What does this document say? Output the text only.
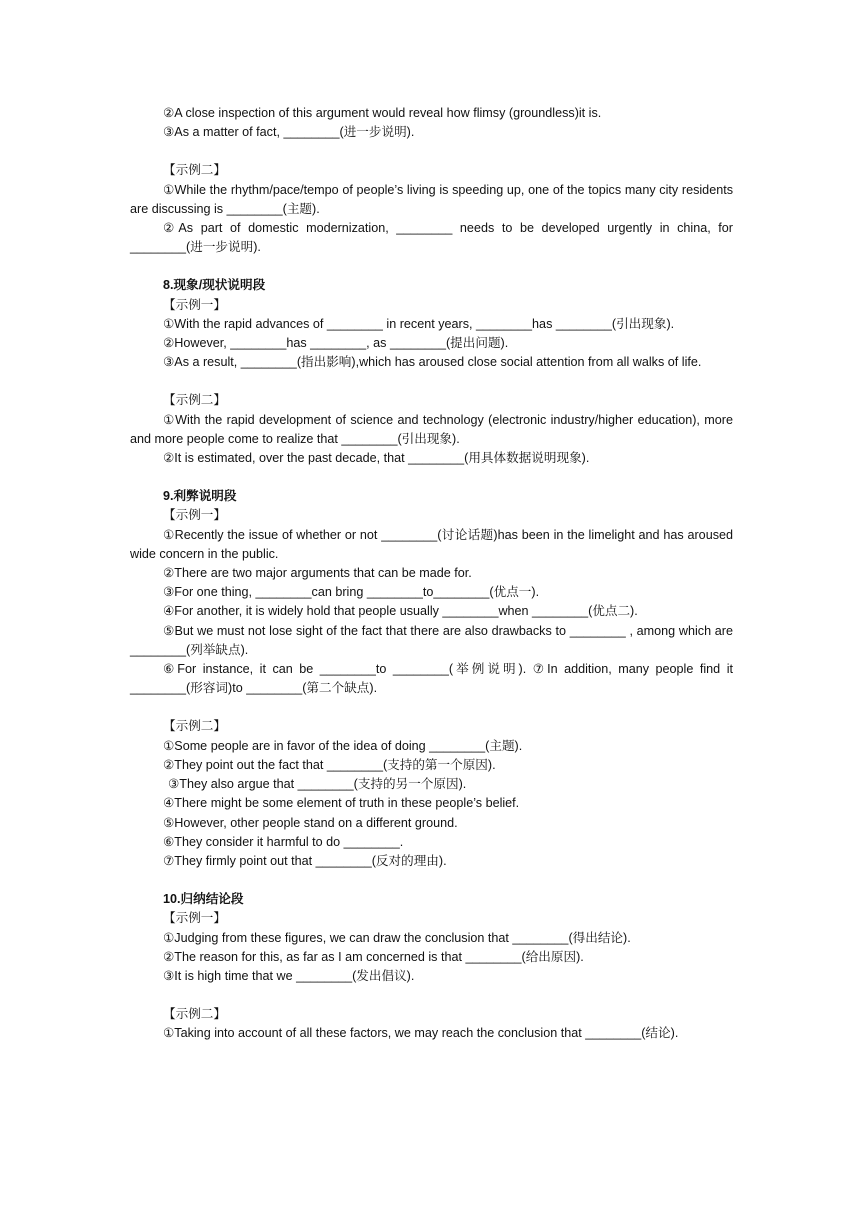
②A close inspection of this argument would reveal how flimsy (groundless)it is.

③As a matter of fact, ________(进一步说明).

【示例二】

①While the rhythm/pace/tempo of people’s living is speeding up, one of the topics many city residents are discussing is ________(主题).

②As part of domestic modernization, ________ needs to be developed urgently in china, for ________(进一步说明).

8.现象/现状说明段

【示例一】

①With the rapid advances of ________ in recent years, ________has ________(引出现象).

②However, ________has ________, as ________(提出问题).

③As a result, ________(指出影响),which has aroused close social attention from all walks of life.

【示例二】

①With the rapid development of science and technology (electronic industry/higher education), more and more people come to realize that ________(引出现象).

②It is estimated, over the past decade, that ________(用具体数据说明现象).

9.利弊说明段

【示例一】

①Recently the issue of whether or not ________(讨论话题)has been in the limelight and has aroused wide concern in the public.

②There are two major arguments that can be made for.

③For one thing, ________can bring ________to________(优点一).

④For another, it is widely hold that people usually ________when ________(优点二).

⑤But we must not lose sight of the fact that there are also drawbacks to ________ , among which are ________(列举缺点).

⑥For instance, it can be ________to ________(举例说明). ⑦In addition, many people find it ________(形容词)to ________(第二个缺点).

【示例二】

①Some people are in favor of the idea of doing ________(主题).

②They point out the fact that ________(支持的第一个原因).

③They also argue that ________(支持的另一个原因).

④There might be some element of truth in these people’s belief.

⑤However, other people stand on a different ground.

⑥They consider it harmful to do ________.

⑦They firmly point out that ________(反对的理由).

10.归纳结论段

【示例一】

①Judging from these figures, we can draw the conclusion that ________(得出结论).

②The reason for this, as far as I am concerned is that ________(给出原因).

③It is high time that we ________(发出倡议).

【示例二】

①Taking into account of all these factors, we may reach the conclusion that ________(结论).
